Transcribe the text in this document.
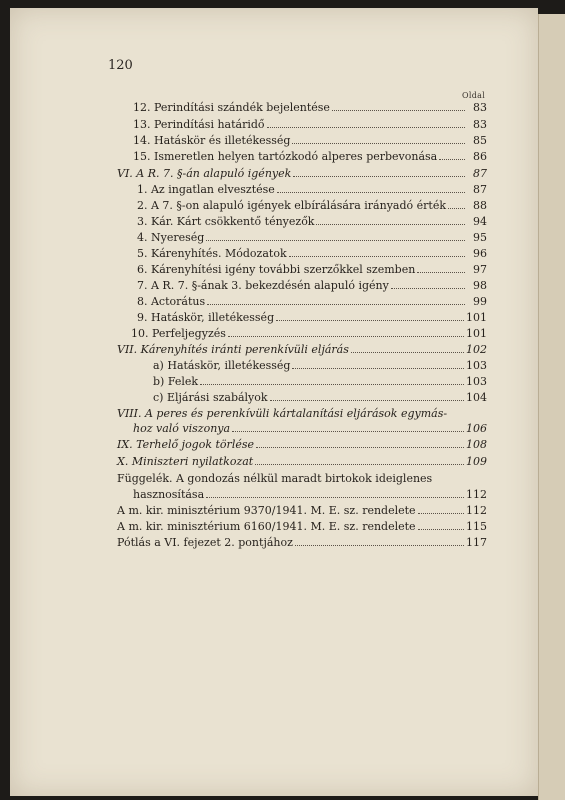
120
Oldal
12. Perindítási szándék bejelentése	83
13. Perindítási határidő	83
14. Hatáskör és illetékesség	85
15. Ismeretlen helyen tartózkodó alperes perbevonása	86
VI. A R. 7. §-án alapuló igények	87
1. Az ingatlan elvesztése	87
2. A 7. §-on alapuló igények elbírálására irányadó érték	88
3. Kár. Kárt csökkentő tényezők	94
4. Nyereség	95
5. Kárenyhítés. Módozatok	96
6. Kárenyhítési igény további szerzőkkel szemben	97
7. A R. 7. §-ának 3. bekezdésén alapuló igény	98
8. Actorátus	99
9. Hatáskör, illetékesség	101
10. Perfeljegyzés	101
VII. Kárenyhítés iránti perenkívüli eljárás	102
a) Hatáskör, illetékesség	103
b) Felek	103
c) Eljárási szabályok	104
VIII. A peres és perenkívüli kártalanítási eljárások egymás-
hoz való viszonya	106
IX. Terhelő jogok törlése	108
X. Miniszteri nyilatkozat	109
Függelék. A gondozás nélkül maradt birtokok ideiglenes
hasznosítása	112
A m. kir. minisztérium 9370/1941. M. E. sz. rendelete	112
A m. kir. minisztérium 6160/1941. M. E. sz. rendelete	115
Pótlás a VI. fejezet 2. pontjához	117
